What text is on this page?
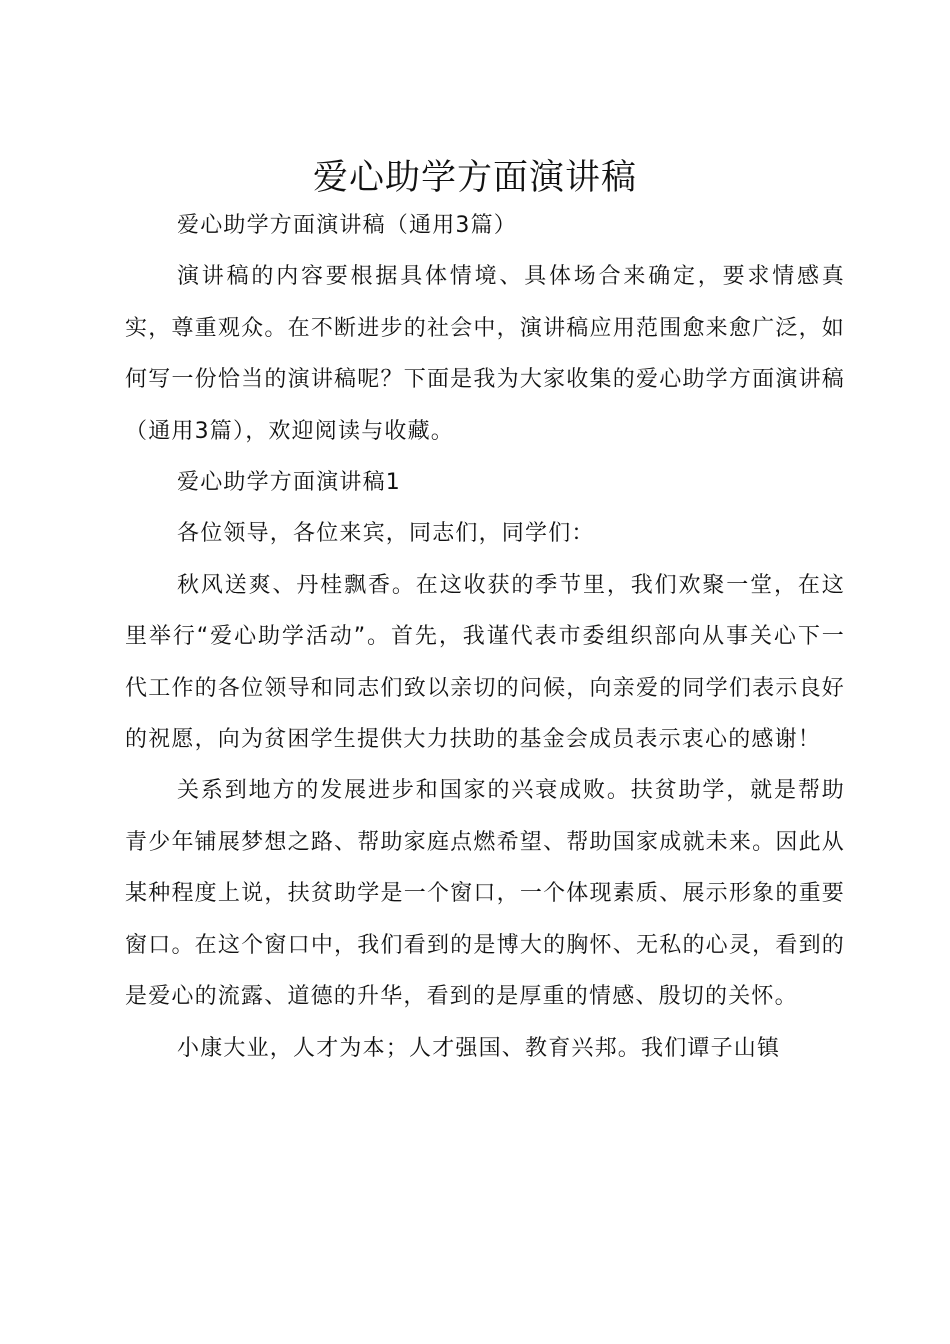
爱心助学方面演讲稿

爱心助学方面演讲稿（通用3篇）

演讲稿的内容要根据具体情境、具体场合来确定，要求情感真实，尊重观众。在不断进步的社会中，演讲稿应用范围愈来愈广泛，如何写一份恰当的演讲稿呢？下面是我为大家收集的爱心助学方面演讲稿（通用3篇），欢迎阅读与收藏。

爱心助学方面演讲稿1

各位领导，各位来宾，同志们，同学们：

秋风送爽、丹桂飘香。在这收获的季节里，我们欢聚一堂，在这里举行“爱心助学活动”。首先，我谨代表市委组织部向从事关心下一代工作的各位领导和同志们致以亲切的问候，向亲爱的同学们表示良好的祝愿，向为贫困学生提供大力扶助的基金会成员表示衷心的感谢！

关系到地方的发展进步和国家的兴衰成败。扶贫助学，就是帮助青少年铺展梦想之路、帮助家庭点燃希望、帮助国家成就未来。因此从某种程度上说，扶贫助学是一个窗口，一个体现素质、展示形象的重要窗口。在这个窗口中，我们看到的是博大的胸怀、无私的心灵，看到的是爱心的流露、道德的升华，看到的是厚重的情感、殷切的关怀。

小康大业，人才为本；人才强国、教育兴邦。我们谭子山镇
